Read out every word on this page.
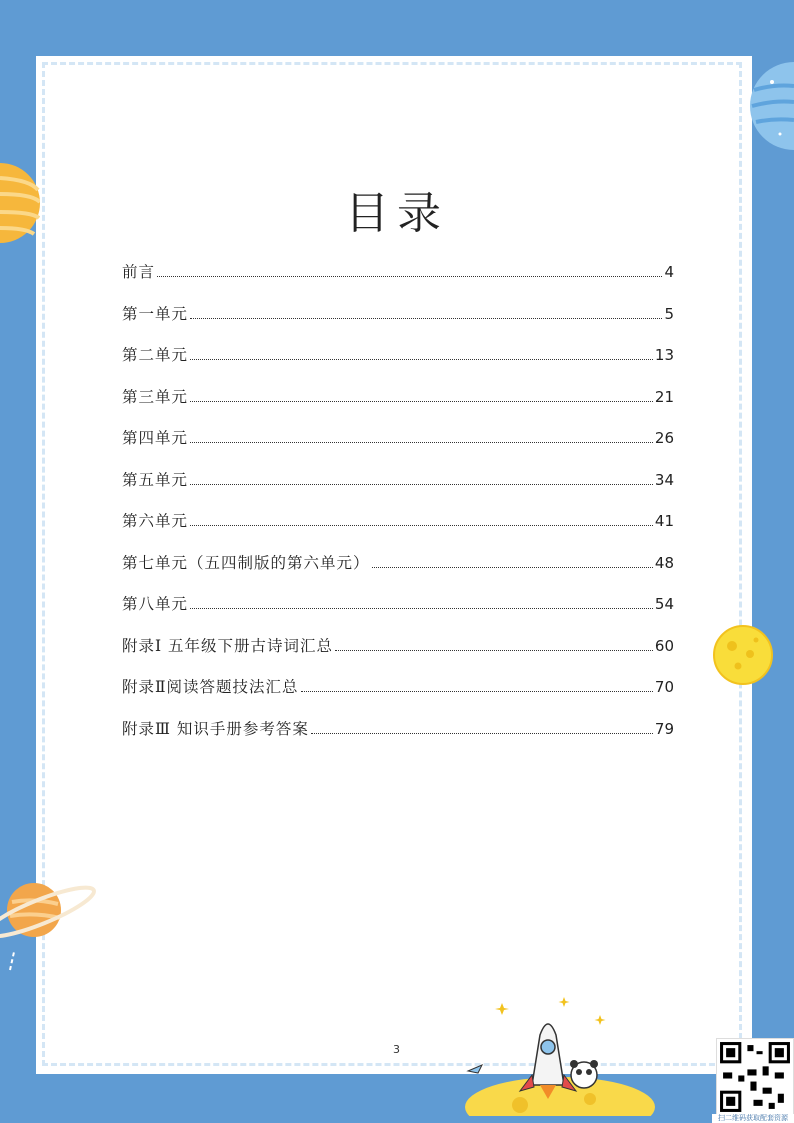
目录
前言	4
第一单元	5
第二单元	13
第三单元	21
第四单元	26
第五单元	34
第六单元	41
第七单元（五四制版的第六单元）	48
第八单元	54
附录Ⅰ 五年级下册古诗词汇总	60
附录Ⅱ阅读答题技法汇总	70
附录Ⅲ 知识手册参考答案	79
3
扫二维码获取配套资源
